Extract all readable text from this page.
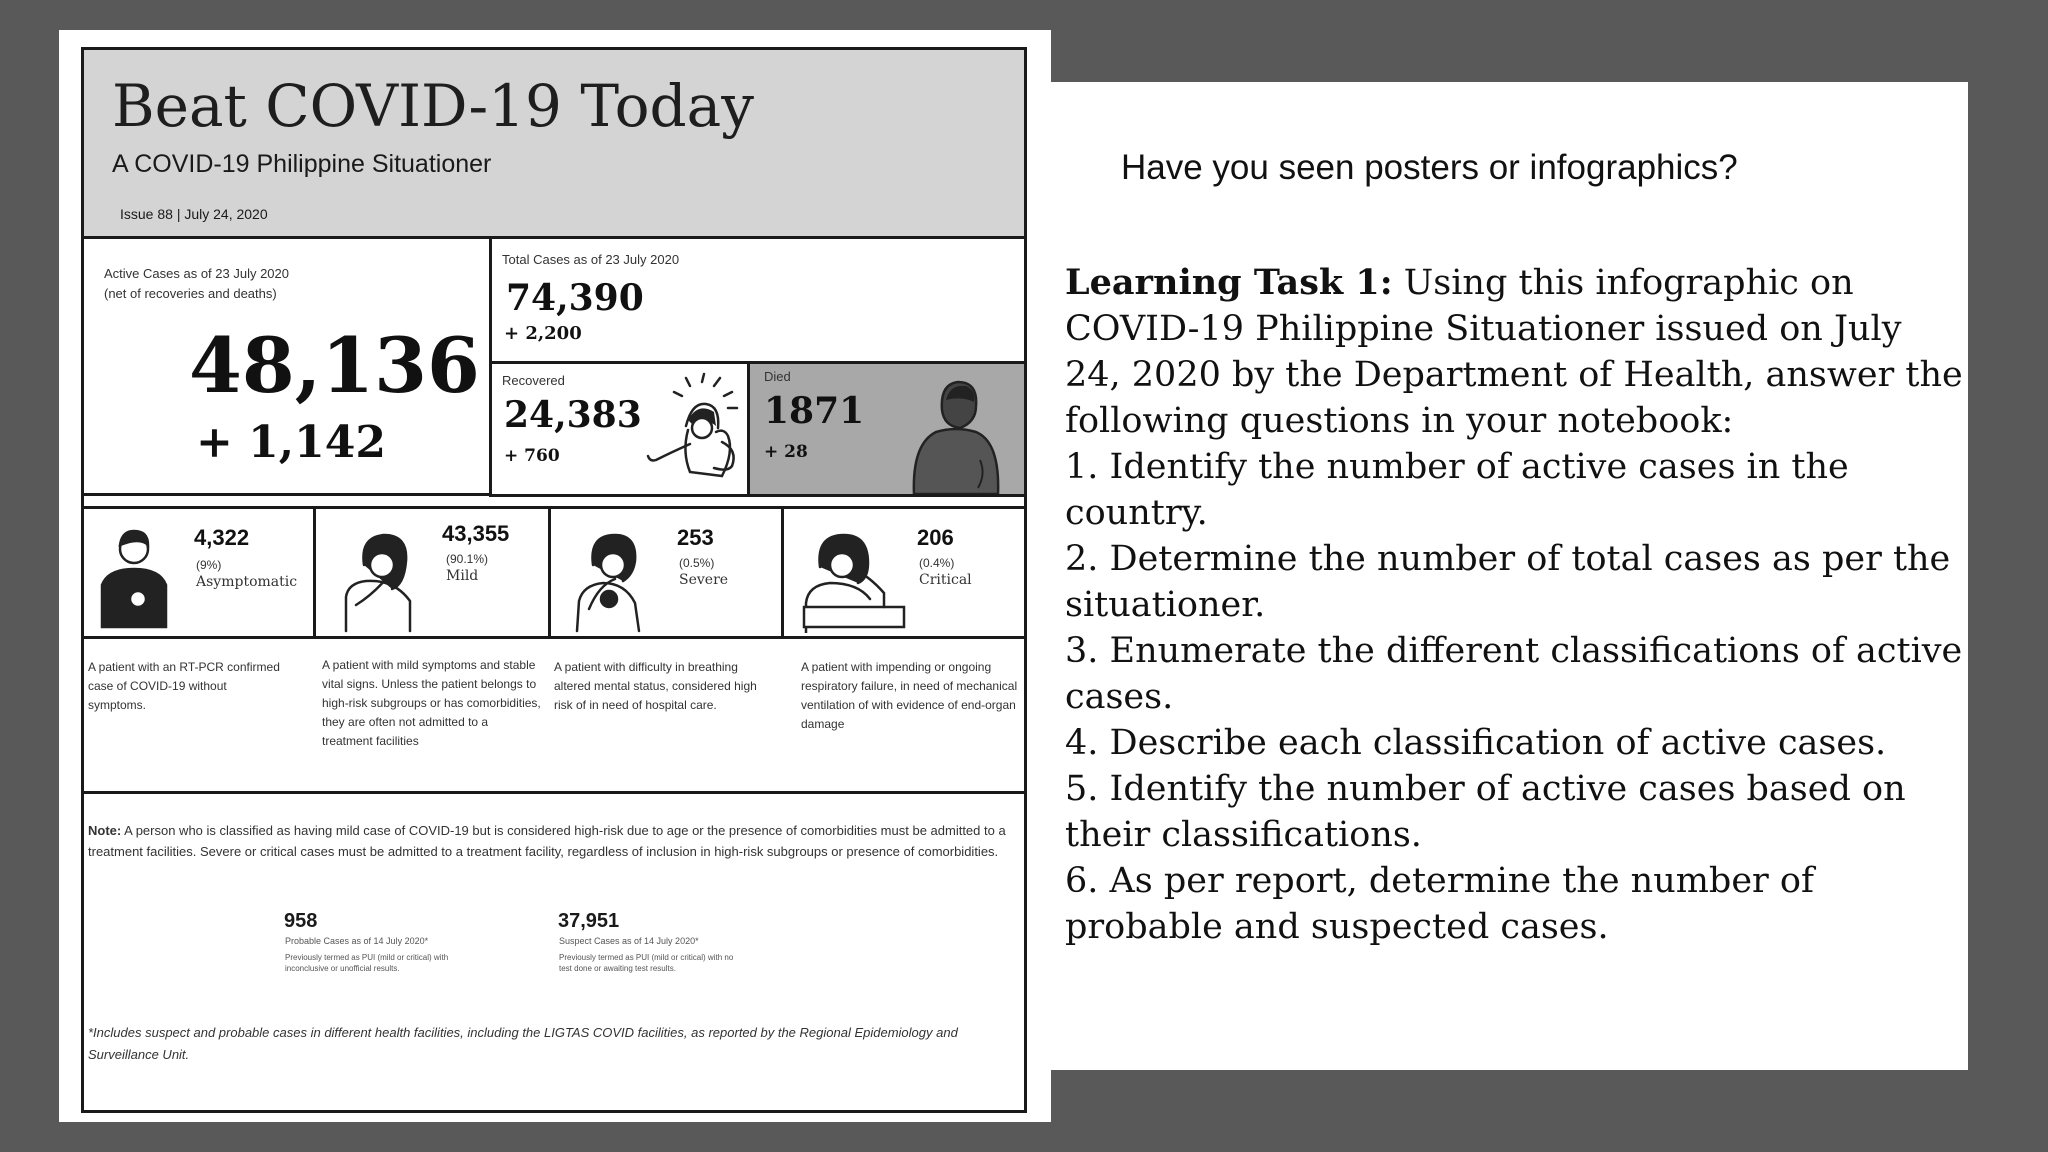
Beat COVID-19 Today
A COVID-19 Philippine Situationer
Issue 88 | July 24, 2020
Active Cases as of 23 July 2020
(net of recoveries and deaths)
48,136
+ 1,142
Total Cases as of 23 July 2020
74,390
+ 2,200
Recovered
24,383
+ 760
Died
1871
+ 28
4,322
(9%)
Asymptomatic
43,355
(90.1%)
Mild
253
(0.5%)
Severe
206
(0.4%)
Critical
A patient with an RT-PCR confirmed case of COVID-19 without symptoms.
A patient with mild symptoms and stable vital signs. Unless the patient belongs to high-risk subgroups or has comorbidities, they are often not admitted to a treatment facilities
A patient with difficulty in breathing altered mental status, considered high risk of in need of hospital care.
A patient with impending or ongoing respiratory failure, in need of mechanical ventilation of with evidence of end-organ damage
Note: A person who is classified as having mild case of COVID-19 but is considered high-risk due to age or the presence of comorbidities must be admitted to a treatment facilities. Severe or critical cases must be admitted to a treatment facility, regardless of inclusion in high-risk subgroups or presence of comorbidities.
958
Probable Cases as of 14 July 2020*
Previously termed as PUI (mild or critical) with inconclusive or unofficial results.
37,951
Suspect Cases as of 14 July 2020*
Previously termed as PUI (mild or critical) with no test done or awaiting test results.
*Includes suspect and probable cases in different health facilities, including the LIGTAS COVID facilities, as reported by the Regional Epidemiology and Surveillance Unit.
Have you seen posters or infographics?

Learning Task 1: Using this infographic on COVID-19 Philippine Situationer issued on July 24, 2020 by the Department of Health, answer the following questions in your notebook:

1. Identify the number of active cases in the country.

2. Determine the number of total cases as per the situationer.

3. Enumerate the different classifications of active cases.

4. Describe each classification of active cases.

5. Identify the number of active cases based on their classifications.

6. As per report, determine the number of probable and suspected cases.
